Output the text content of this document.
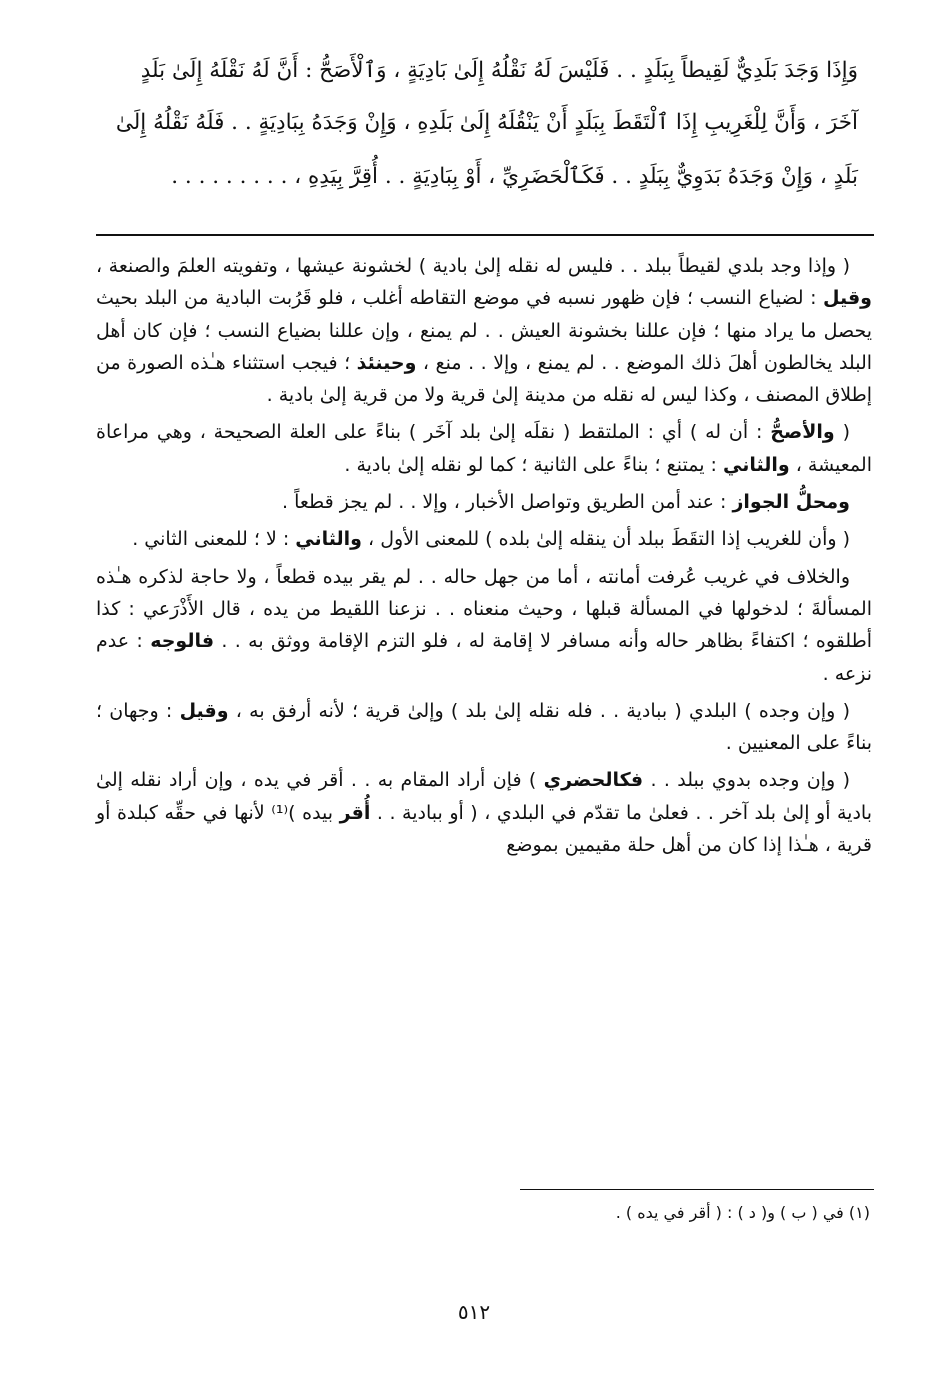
وَإِذَا وَجَدَ بَلَدِيٌّ لَقِيطاً بِبَلَدٍ . . فَلَيْسَ لَهُ نَقْلُهُ إِلَىٰ بَادِيَةٍ ، وَٱلْأَصَحُّ : أَنَّ لَهُ نَقْلَهُ إِلَىٰ بَلَدٍ
آخَرَ ، وَأَنَّ لِلْغَرِيبِ إِذَا ٱلْتَقَطَ بِبَلَدٍ أَنْ يَنْقُلَهُ إِلَىٰ بَلَدِهِ ، وَإِنْ وَجَدَهُ بِبَادِيَةٍ . . فَلَهُ نَقْلُهُ إِلَىٰ
بَلَدٍ ، وَإِنْ وَجَدَهُ بَدَوِيٌّ بِبَلَدٍ . . فَكَٱلْحَضَرِيِّ ، أَوْ بِبَادِيَةٍ . . أُقِرَّ بِيَدِهِ ، . . . . . . . . .

( وإذا وجد بلدي لقيطاً ببلد . . فليس له نقله إلىٰ بادية ) لخشونة عيشها ، وتفويته العلمَ والصنعة ، وقيل : لضياع النسب ؛ فإن ظهور نسبه في موضع التقاطه أغلب ، فلو قَرُبت البادية من البلد بحيث يحصل ما يراد منها ؛ فإن عللنا بخشونة العيش . . لم يمنع ، وإن عللنا بضياع النسب ؛ فإن كان أهل البلد يخالطون أهلَ ذلك الموضع . . لم يمنع ، وإلا . . منع ، وحينئذ ؛ فيجب استثناء هـٰذه الصورة من إطلاق المصنف ، وكذا ليس له نقله من مدينة إلىٰ قرية ولا من قرية إلىٰ بادية .

( والأصحُّ : أن له ) أي : الملتقط ( نقلَه إلىٰ بلد آخَر ) بناءً على العلة الصحيحة ، وهي مراعاة المعيشة ، والثاني : يمتنع ؛ بناءً على الثانية ؛ كما لو نقله إلىٰ بادية .

ومحلُّ الجواز : عند أمن الطريق وتواصل الأخبار ، وإلا . . لم يجز قطعاً .

( وأن للغريب إذا التقَطَ ببلد أن ينقله إلىٰ بلده ) للمعنى الأول ، والثاني : لا ؛ للمعنى الثاني .

والخلاف في غريب عُرفت أمانته ، أما من جهل حاله . . لم يقر بيده قطعاً ، ولا حاجة لذكره هـٰذه المسألةَ ؛ لدخولها في المسألة قبلها ، وحيث منعناه . . نزعنا اللقيط من يده ، قال الأَذْرَعي : كذا أطلقوه ؛ اكتفاءً بظاهر حاله وأنه مسافر لا إقامة له ، فلو التزم الإقامة ووثق به . . فالوجه : عدم نزعه .

( وإن وجده ) البلدي ( ببادية . . فله نقله إلىٰ بلد ) وإلىٰ قرية ؛ لأنه أرفق به ، وقيل : وجهان ؛ بناءً على المعنيين .

( وإن وجده بدوي ببلد . . فكالحضري ) فإن أراد المقام به . . أقر في يده ، وإن أراد نقله إلىٰ بادية أو إلىٰ بلد آخر . . فعلىٰ ما تقدّم في البلدي ، ( أو ببادية . . أُقر بيده )⁽¹⁾ لأنها في حقِّه كبلدة أو قرية ، هـٰذا إذا كان من أهل حلة مقيمين بموضع

(١) في ( ب ) و( د ) : ( أقر في يده ) .
٥١٢
